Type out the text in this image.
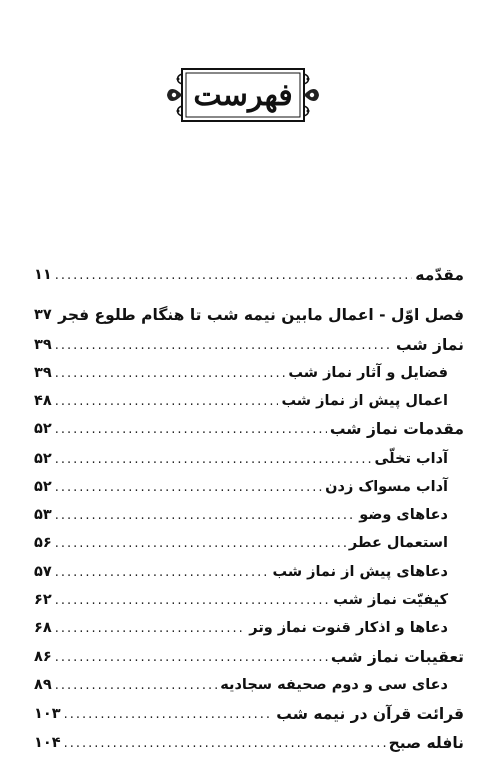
فهرست
مقدّمه
.....
۱۱
فصل اوّل - اعمال مابین نیمه شب تا هنگام طلوع فجر
.....
۳۷
نماز شب
.....
۳۹
فضایل و آثار نماز شب
.....
۳۹
اعمال پیش از نماز شب
.....
۴۸
مقدمات نماز شب
.....
۵۲
آداب تخلّی
.....
۵۲
آداب مسواک زدن
.....
۵۲
دعاهای وضو
.....
۵۳
استعمال عطر
.....
۵۶
دعاهای پیش از نماز شب
.....
۵۷
کیفیّت نماز شب
.....
۶۲
دعاها و اذکار قنوت نماز وتر
.....
۶۸
تعقیبات نماز شب
.....
۸۶
دعای سی و دوم صحیفه سجادیه
.....
۸۹
قرائت قرآن در نیمه شب
.....
۱۰۳
نافله صبح
.....
۱۰۴
